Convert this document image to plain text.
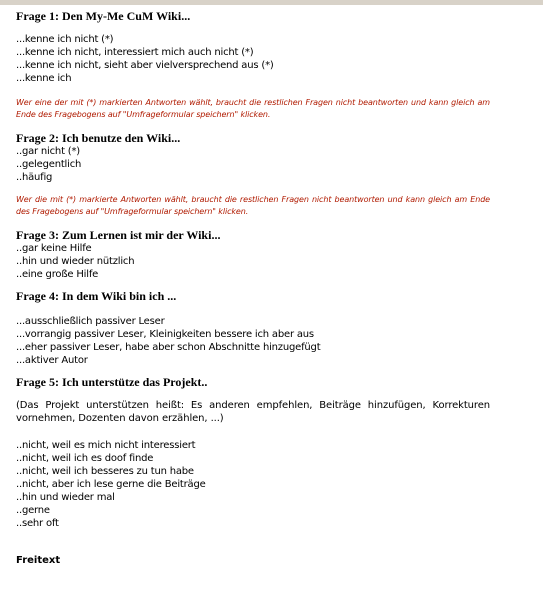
Frage 1: Den My-Me CuM Wiki...
...kenne ich nicht (*)
...kenne ich nicht, interessiert mich auch nicht (*)
...kenne ich nicht, sieht aber vielversprechend aus (*)
...kenne ich
Wer eine der mit (*) markierten Antworten wählt, braucht die restlichen Fragen nicht beantworten und kann gleich am Ende des Fragebogens auf "Umfrageformular speichern" klicken.
Frage 2: Ich benutze den Wiki...
..gar nicht (*)
..gelegentlich
..häufig
Wer die mit (*) markierte Antworten wählt, braucht die restlichen Fragen nicht beantworten und kann gleich am Ende des Fragebogens auf "Umfrageformular speichern" klicken.
Frage 3: Zum Lernen ist mir der Wiki...
..gar keine Hilfe
..hin und wieder nützlich
..eine große Hilfe
Frage 4: In dem Wiki bin ich ...
...ausschließlich passiver Leser
...vorrangig passiver Leser, Kleinigkeiten bessere ich aber aus
...eher passiver Leser, habe aber schon Abschnitte hinzugefügt
...aktiver Autor
Frage 5: Ich unterstütze das Projekt..
(Das Projekt unterstützen heißt: Es anderen empfehlen, Beiträge hinzufügen, Korrekturen vornehmen, Dozenten davon erzählen, ...)
..nicht, weil es mich nicht interessiert
..nicht, weil ich es doof finde
..nicht, weil ich besseres zu tun habe
..nicht, aber ich lese gerne die Beiträge
..hin und wieder mal
..gerne
..sehr oft
Freitext
